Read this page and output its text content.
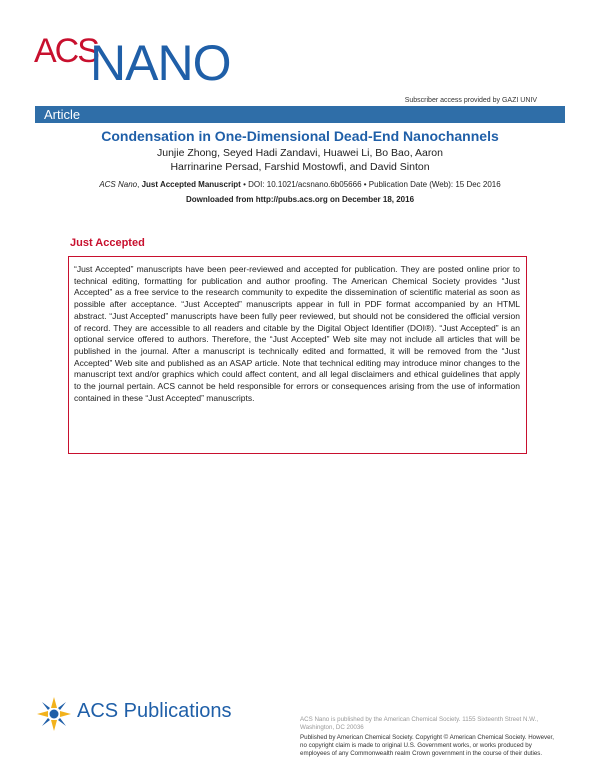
ACS
NANO
Subscriber access provided by GAZI UNIV
Article
Condensation in One-Dimensional Dead-End Nanochannels
Junjie Zhong, Seyed Hadi Zandavi, Huawei Li, Bo Bao, Aaron
Harrinarine Persad, Farshid Mostowfi, and David Sinton
ACS Nano, Just Accepted Manuscript • DOI: 10.1021/acsnano.6b05666 • Publication Date (Web): 15 Dec 2016
Downloaded from http://pubs.acs.org on December 18, 2016
Just Accepted
“Just Accepted” manuscripts have been peer-reviewed and accepted for publication. They are posted online prior to technical editing, formatting for publication and author proofing. The American Chemical Society provides “Just Accepted” as a free service to the research community to expedite the dissemination of scientific material as soon as possible after acceptance. “Just Accepted” manuscripts appear in full in PDF format accompanied by an HTML abstract. “Just Accepted” manuscripts have been fully peer reviewed, but should not be considered the official version of record. They are accessible to all readers and citable by the Digital Object Identifier (DOI®). “Just Accepted” is an optional service offered to authors. Therefore, the “Just Accepted” Web site may not include all articles that will be published in the journal. After a manuscript is technically edited and formatted, it will be removed from the “Just Accepted” Web site and published as an ASAP article. Note that technical editing may introduce minor changes to the manuscript text and/or graphics which could affect content, and all legal disclaimers and ethical guidelines that apply to the journal pertain. ACS cannot be held responsible for errors or consequences arising from the use of information contained in these “Just Accepted” manuscripts.
ACS Publications	ACS Nano is published by the American Chemical Society. 1155 Sixteenth Street N.W., Washington, DC 20036
Published by American Chemical Society. Copyright © American Chemical Society. However, no copyright claim is made to original U.S. Government works, or works produced by employees of any Commonwealth realm Crown government in the course of their duties.
